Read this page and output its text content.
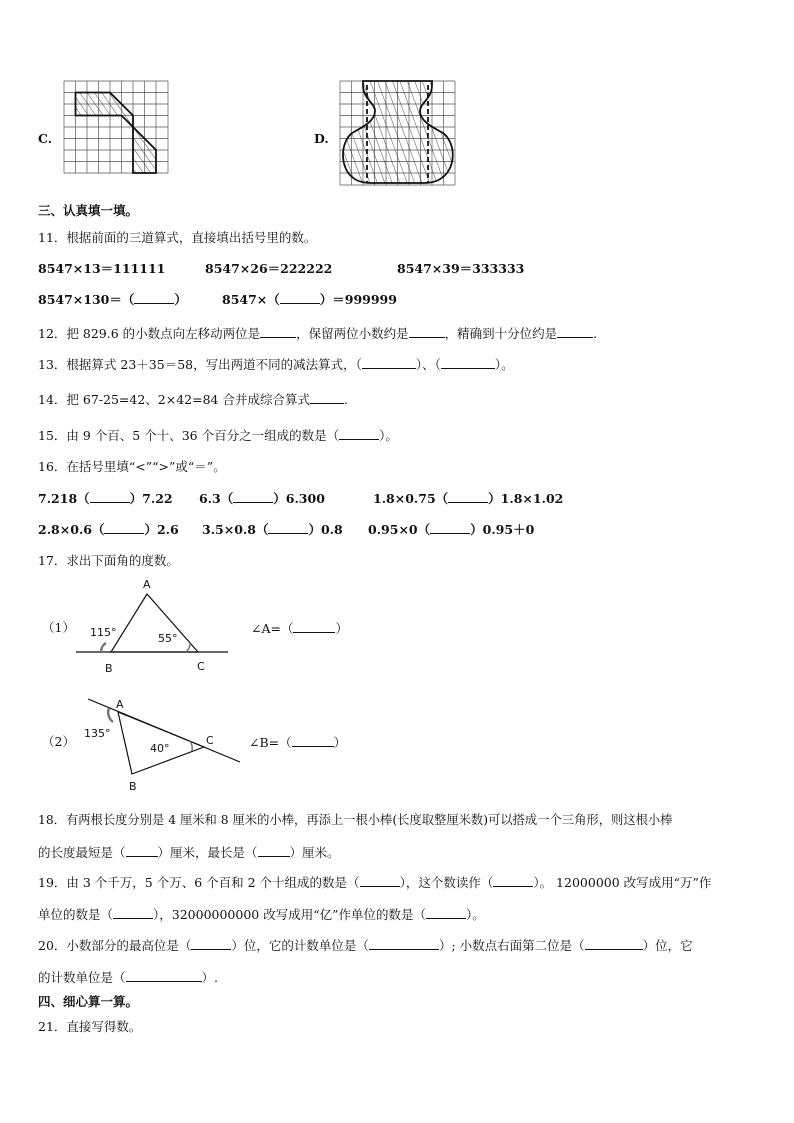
C.	D.
三、认真填一填。
11．根据前面的三道算式，直接填出括号里的数。
8547×13＝111111	8547×26＝222222	8547×39＝333333
8547×130＝（	）	8547×（	）＝999999
12．把 829.6 的小数点向左移动两位是	，保留两位小数约是	，精确到十分位约是	.
13．根据算式 23＋35＝58，写出两道不同的减法算式，（	）、（	）。
14．把 67-25=42、2×42=84 合并成综合算式	.
15．由 9 个百、5 个十、36 个百分之一组成的数是（	）。
16．在括号里填“<”“>”或“＝”。
7.218（	）7.22 6.3（	）6.300	1.8×0.75（	）1.8×1.02
2.8×0.6（	）2.6 3.5×0.8（	）0.8 0.95×0（	）0.95＋0
17．求出下面角的度数。
（1）
A
B	C
115°	55°
∠A=（	）
（2）
A
B
C
135°
40°	∠B=（	）
18．有两根长度分别是 4 厘米和 8 厘米的小棒，再添上一根小棒(长度取整厘米数)可以搭成一个三角形，则这根小棒
的长度最短是（	）厘米，最长是（	）厘米。
19．由 3 个千万，5 个万、6 个百和 2 个十组成的数是（	），这个数读作（	）。 12000000 改写成用“万”作
单位的数是（	），32000000000 改写成用“亿”作单位的数是（	）。
20．小数部分的最高位是（	）位，它的计数单位是（	）; 小数点右面第二位是（	）位，它
的计数单位是（	）.
四、细心算一算。
21．直接写得数。
